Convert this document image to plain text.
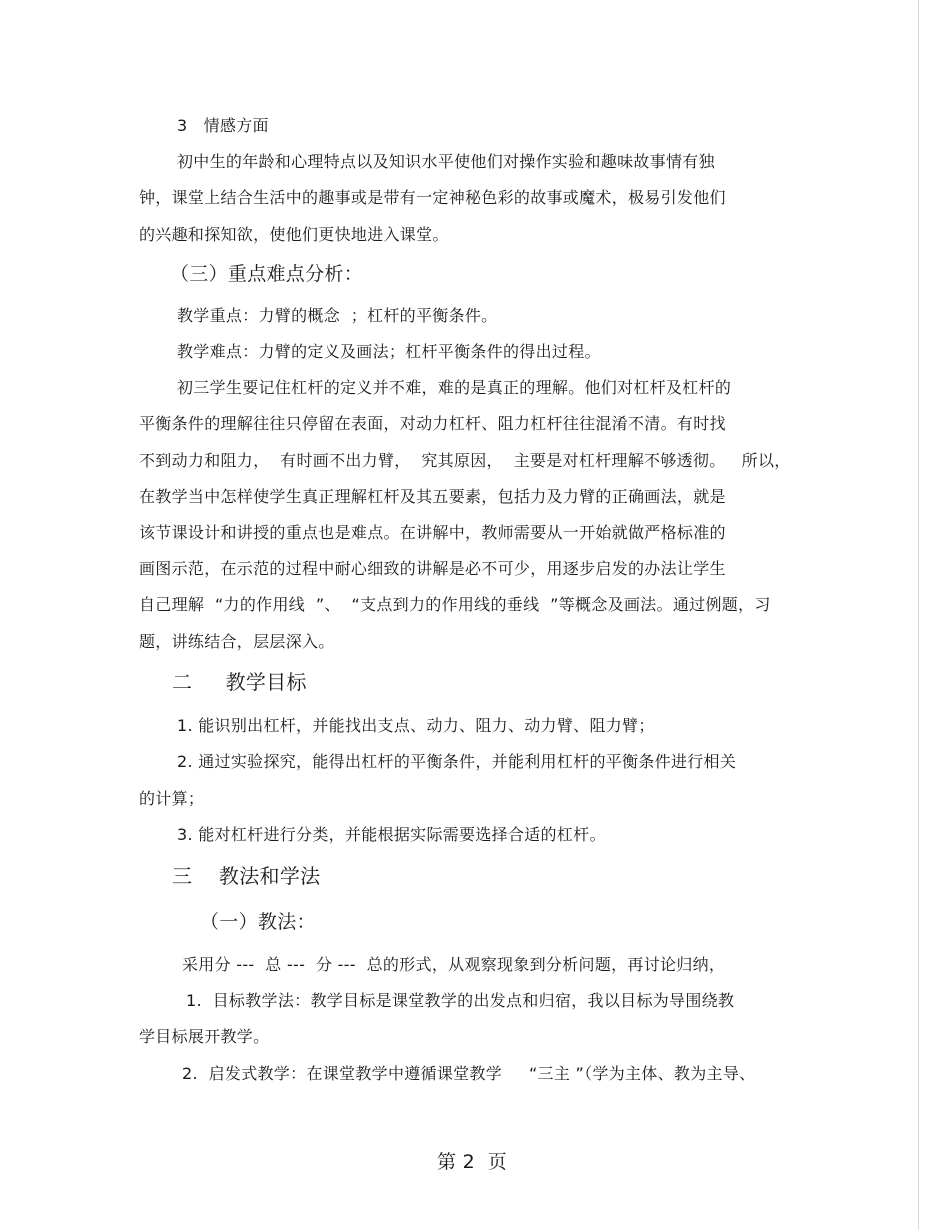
3   情感方面
初中生的年龄和心理特点以及知识水平使他们对操作实验和趣味故事情有独
钟，课堂上结合生活中的趣事或是带有一定神秘色彩的故事或魔术，极易引发他们
的兴趣和探知欲，使他们更快地进入课堂。
（三）重点难点分析：
教学重点：力臂的概念  ；杠杆的平衡条件。
教学难点：力臂的定义及画法；杠杆平衡条件的得出过程。
初三学生要记住杠杆的定义并不难，难的是真正的理解。他们对杠杆及杠杆的
平衡条件的理解往往只停留在表面，对动力杠杆、阻力杠杆往往混淆不清。有时找
不到动力和阻力，  有时画不出力臂，  究其原因，  主要是对杠杆理解不够透彻。   所以，
在教学当中怎样使学生真正理解杠杆及其五要素，包括力及力臂的正确画法，就是
该节课设计和讲授的重点也是难点。在讲解中，教师需要从一开始就做严格标准的
画图示范，在示范的过程中耐心细致的讲解是必不可少，用逐步启发的办法让学生
自己理解  “力的作用线  ”、  “支点到力的作用线的垂线  ”等概念及画法。通过例题，习
题，讲练结合，层层深入。
二     教学目标
1. 能识别出杠杆，并能找出支点、动力、阻力、动力臂、阻力臂；
2. 通过实验探究，能得出杠杆的平衡条件，并能利用杠杆的平衡条件进行相关
的计算；
3. 能对杠杆进行分类，并能根据实际需要选择合适的杠杆。
三    教法和学法
（一）教法：
采用分 ---  总 ---  分 ---  总的形式，从观察现象到分析问题，再讨论归纳，
1.  目标教学法：教学目标是课堂教学的出发点和归宿，我以目标为导围绕教
学目标展开教学。
2.  启发式教学：在课堂教学中遵循课堂教学     “三主 ”（学为主体、教为主导、
第 2  页
